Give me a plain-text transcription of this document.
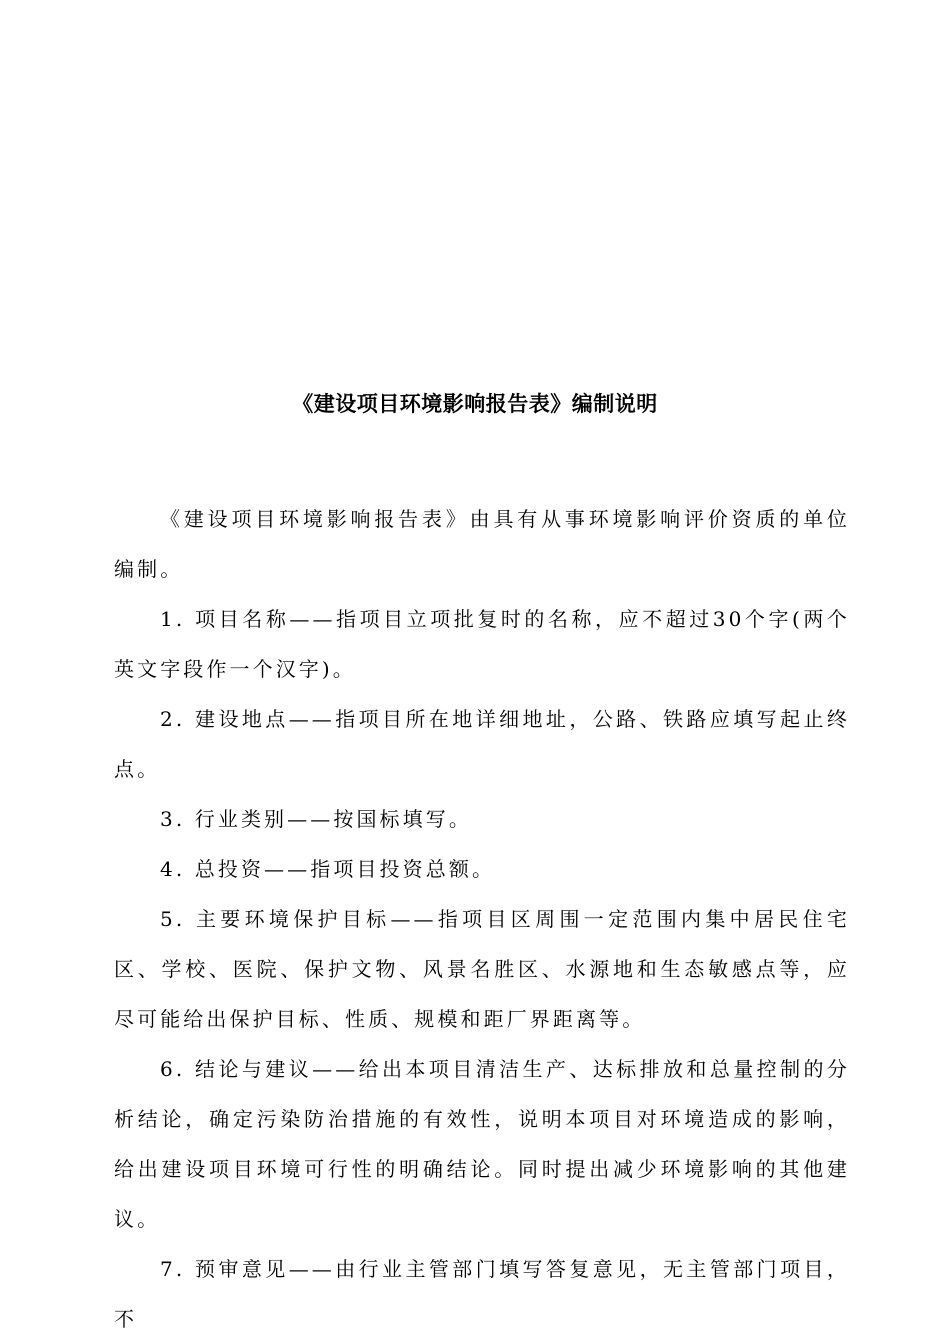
《建设项目环境影响报告表》编制说明

《建设项目环境影响报告表》由具有从事环境影响评价资质的单位编制。

1. 项目名称——指项目立项批复时的名称，应不超过30个字(两个英文字段作一个汉字)。

2. 建设地点——指项目所在地详细地址，公路、铁路应填写起止终点。

3. 行业类别——按国标填写。

4. 总投资——指项目投资总额。

5. 主要环境保护目标——指项目区周围一定范围内集中居民住宅区、学校、医院、保护文物、风景名胜区、水源地和生态敏感点等，应尽可能给出保护目标、性质、规模和距厂界距离等。

6. 结论与建议——给出本项目清洁生产、达标排放和总量控制的分析结论，确定污染防治措施的有效性，说明本项目对环境造成的影响，给出建设项目环境可行性的明确结论。同时提出减少环境影响的其他建议。

7. 预审意见——由行业主管部门填写答复意见，无主管部门项目，不
